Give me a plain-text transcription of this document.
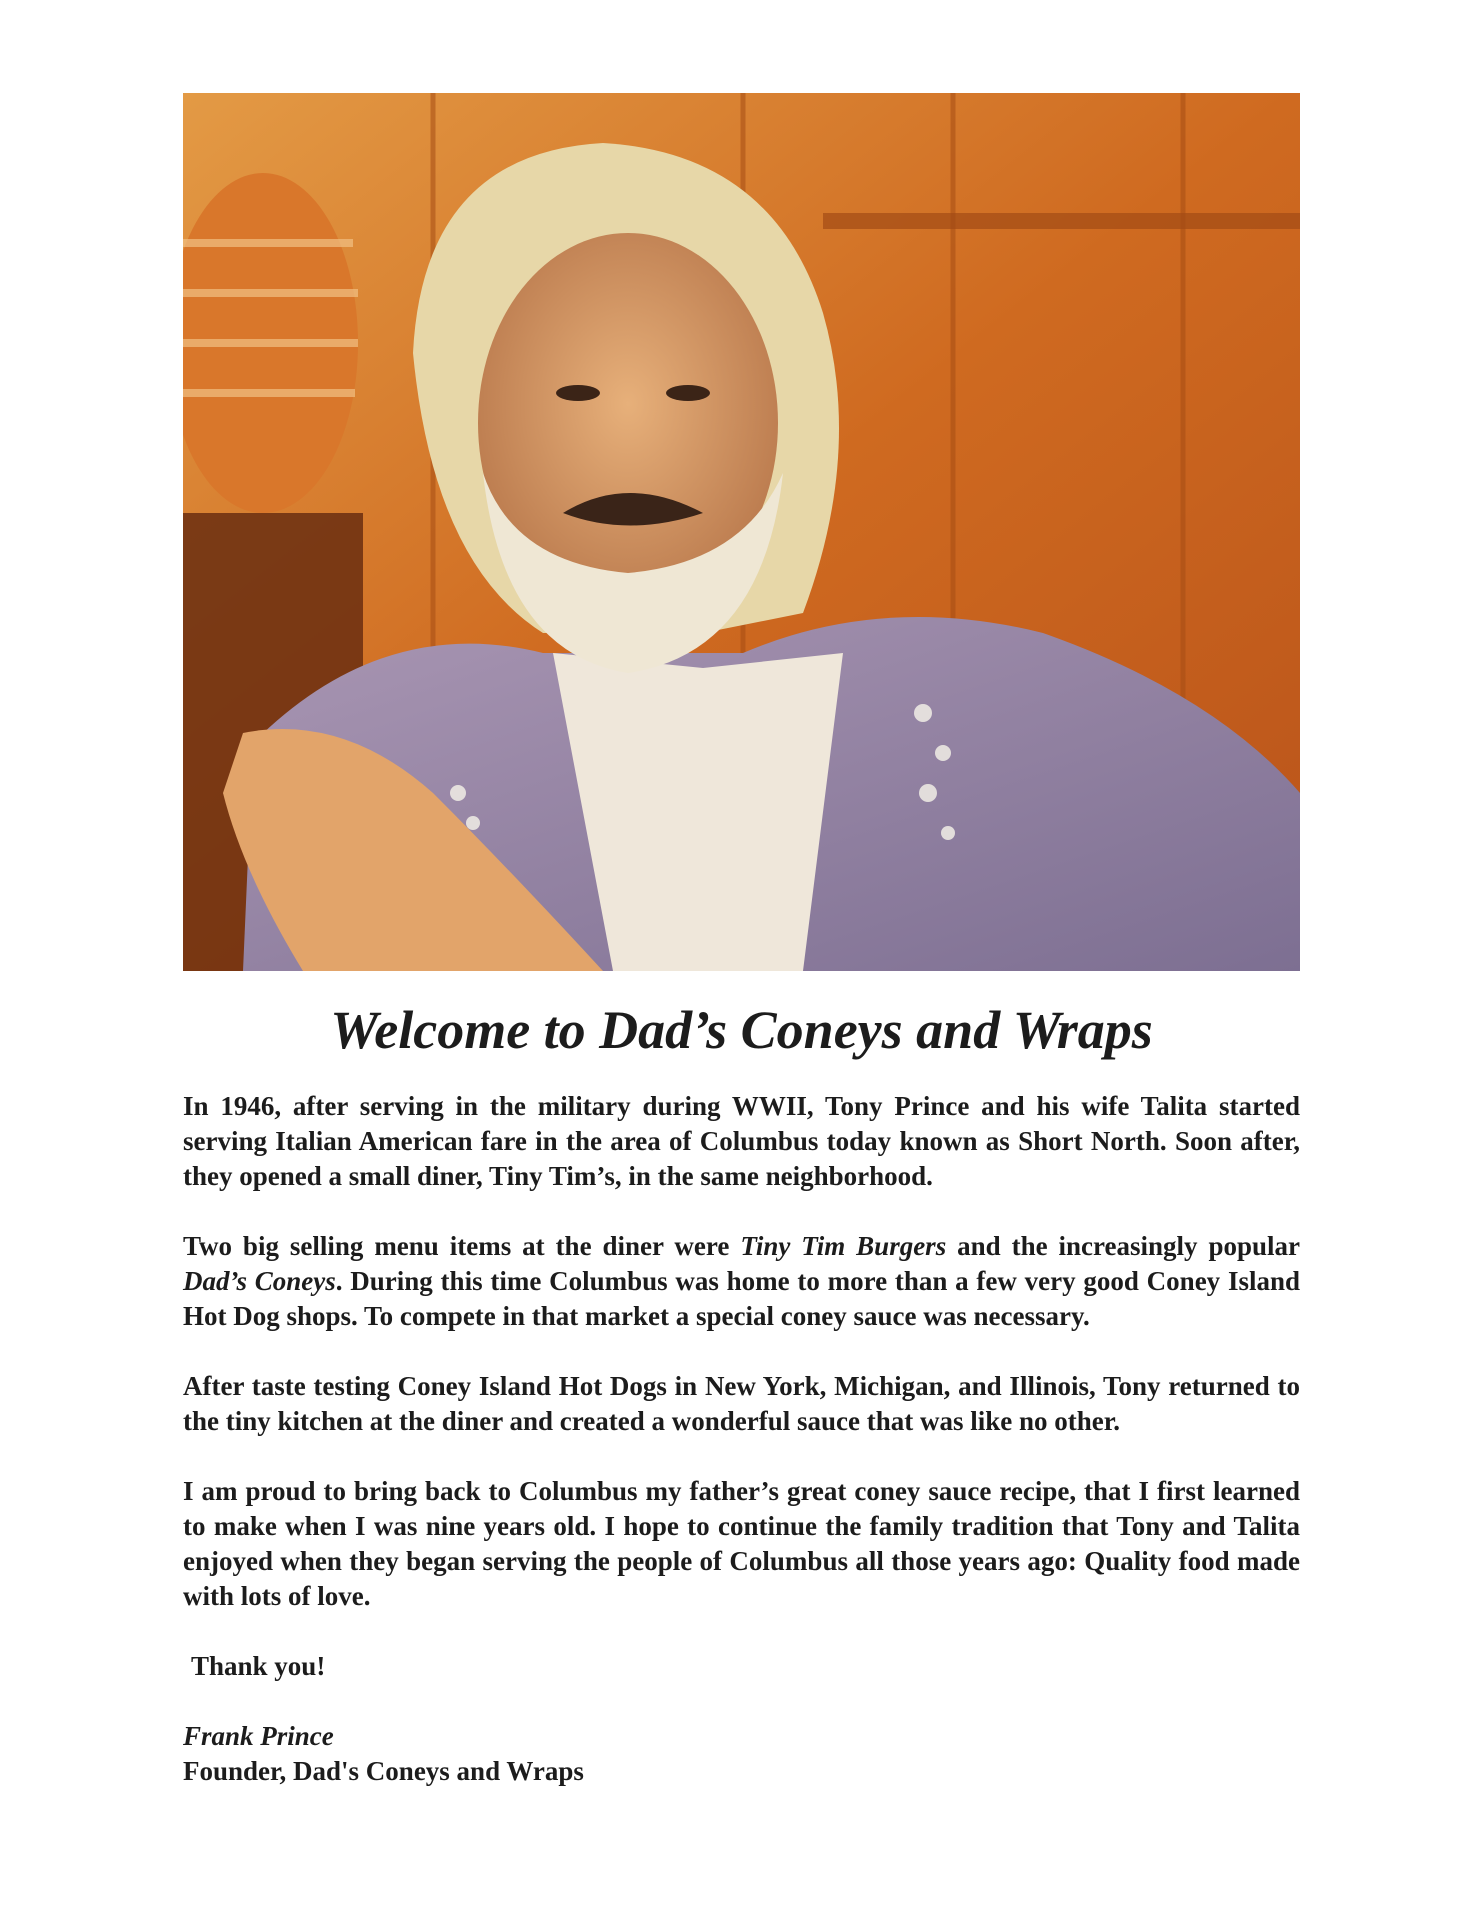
Welcome to Dad’s Coneys and Wraps

In 1946, after serving in the military during WWII, Tony Prince and his wife Talita started serving Italian American fare in the area of Columbus today known as Short North. Soon after, they opened a small diner, Tiny Tim’s, in the same neighborhood.

Two big selling menu items at the diner were Tiny Tim Burgers and the increasingly popular Dad’s Coneys. During this time Columbus was home to more than a few very good Coney Island Hot Dog shops. To compete in that market a special coney sauce was necessary.

After taste testing Coney Island Hot Dogs in New York, Michigan, and Illinois, Tony returned to the tiny kitchen at the diner and created a wonderful sauce that was like no other.

I am proud to bring back to Columbus my father’s great coney sauce recipe, that I first learned to make when I was nine years old. I hope to continue the family tradition that Tony and Talita enjoyed when they began serving the people of Columbus all those years ago: Quality food made with lots of love.

Thank you!

Frank Prince

Founder, Dad's Coneys and Wraps
